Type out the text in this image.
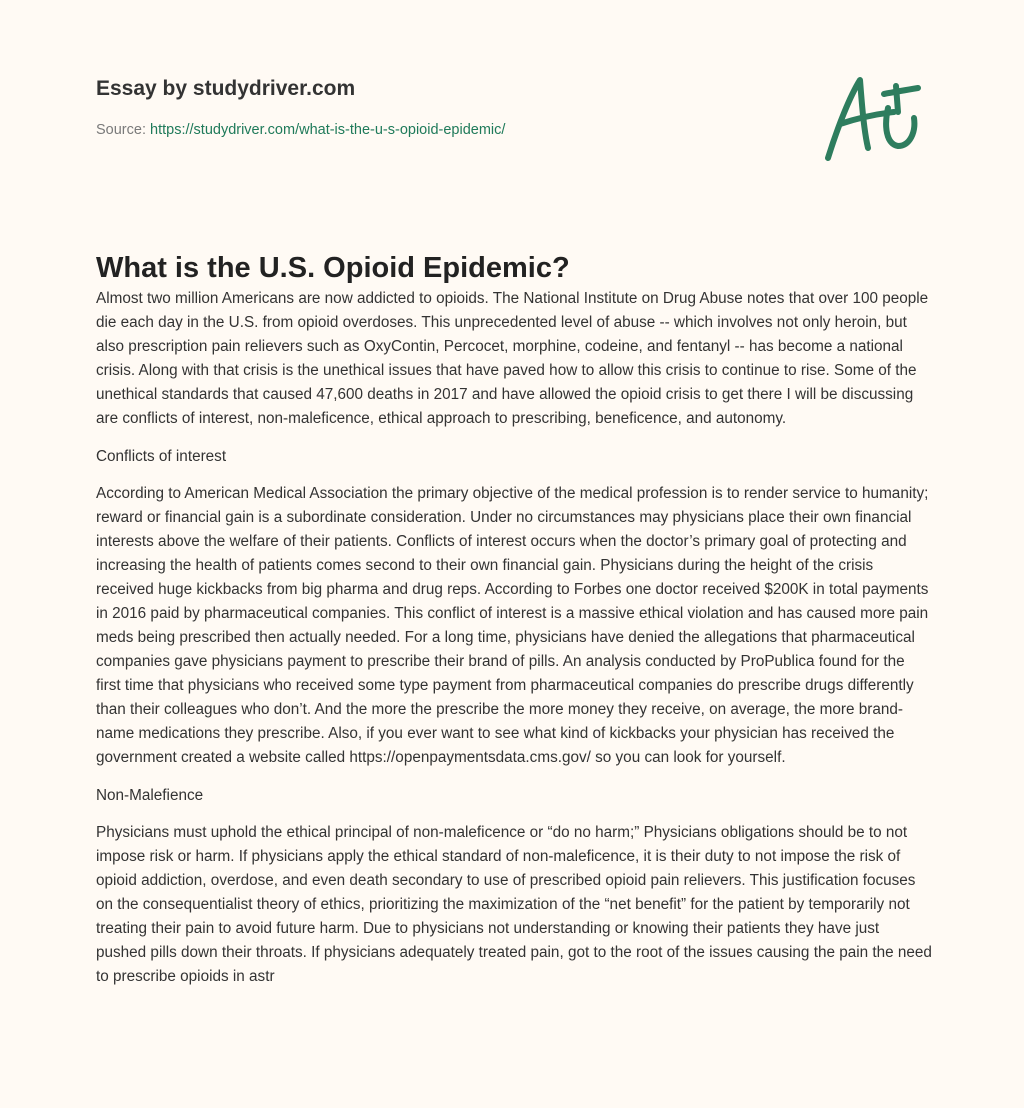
Essay by studydriver.com
Source: https://studydriver.com/what-is-the-u-s-opioid-epidemic/
What is the U.S. Opioid Epidemic?

Almost two million Americans are now addicted to opioids. The National Institute on Drug Abuse notes that over 100 people die each day in the U.S. from opioid overdoses. This unprecedented level of abuse -- which involves not only heroin, but also prescription pain relievers such as OxyContin, Percocet, morphine, codeine, and fentanyl -- has become a national crisis. Along with that crisis is the unethical issues that have paved how to allow this crisis to continue to rise. Some of the unethical standards that caused 47,600 deaths in 2017 and have allowed the opioid crisis to get there I will be discussing are conflicts of interest, non-maleficence, ethical approach to prescribing, beneficence, and autonomy.

Conflicts of interest

According to American Medical Association the primary objective of the medical profession is to render service to humanity; reward or financial gain is a subordinate consideration. Under no circumstances may physicians place their own financial interests above the welfare of their patients. Conflicts of interest occurs when the doctor’s primary goal of protecting and increasing the health of patients comes second to their own financial gain. Physicians during the height of the crisis received huge kickbacks from big pharma and drug reps. According to Forbes one doctor received $200K in total payments in 2016 paid by pharmaceutical companies. This conflict of interest is a massive ethical violation and has caused more pain meds being prescribed then actually needed. For a long time, physicians have denied the allegations that pharmaceutical companies gave physicians payment to prescribe their brand of pills. An analysis conducted by ProPublica found for the first time that physicians who received some type payment from pharmaceutical companies do prescribe drugs differently than their colleagues who don’t. And the more the prescribe the more money they receive, on average, the more brand-name medications they prescribe. Also, if you ever want to see what kind of kickbacks your physician has received the government created a website called https://openpaymentsdata.cms.gov/ so you can look for yourself.

Non-Malefience

Physicians must uphold the ethical principal of non-maleficence or “do no harm;” Physicians obligations should be to not impose risk or harm. If physicians apply the ethical standard of non-maleficence, it is their duty to not impose the risk of opioid addiction, overdose, and even death secondary to use of prescribed opioid pain relievers. This justification focuses on the consequentialist theory of ethics, prioritizing the maximization of the “net benefit” for the patient by temporarily not treating their pain to avoid future harm. Due to physicians not understanding or knowing their patients they have just pushed pills down their throats. If physicians adequately treated pain, got to the root of the issues causing the pain the need to prescribe opioids in astr
